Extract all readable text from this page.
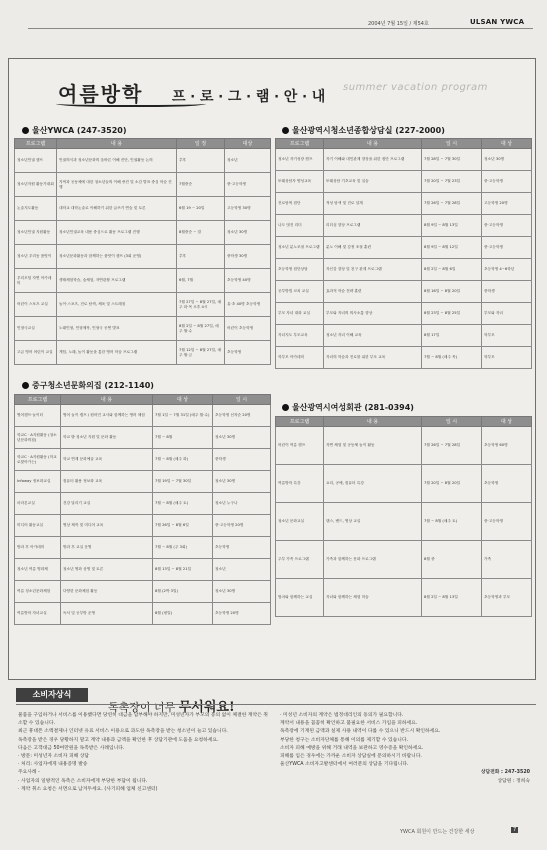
2004년 7월 15일 / 제54호	ULSAN YWCA
여름방학 프·로·그·램·안·내
summer vacation program
울산YWCA (247-3520)
프로그램	내 용	일 정	대상
청소년인권 캠프	인권의식과 청소년문화의 올바른 이해 진단, 인권활동 논의	추후	청소년
청소년자원 활동가대회	지역과 공동체에 대한 청소년들의 이해 증진 및 소감 발표 중심 학습 진행	7월중순	중·고등학생
논술지도활동	대학교 대학논술로 이해하기 위한 글쓰기 연습 및 토론	6월 19 ~ 20일	고등학생 30명
청소년인권 지원활동	청소년인권교육 내용 중심으로 활동 프로그램 진행	8월중순 ~ 말	청소년 30명
청소년 우리동 품앗이	청소년문화활동과 함께하는 품앗이 캠프 (3회 운영)	추후	중학생 30명
우리모임 자연 아카데미	생태체험학습, 숲체험, 자연관찰 프로그램	6월, 7월	초등학생 40명
어린이 스포츠 교실	놀이·스포츠, 진로 탐색, 체육 및 스트레칭	7월 27일 ~ 8월 27일, 매주 화·목 오후 4시	유·초 40명 초등학생
인형극교실	노래인형, 인형제작, 인형극 공연 발표	8월 2일 ~ 8월 27일, 매주 월·수	어린이 초등학생
고급 영어 어린이 교실	게임, 노래, 놀이 활동을 통한 영어 학습 프로그램	7월 12일 ~ 8월 27일, 매주 월·금	초등학생
중구청소년문화의집 (212-1140)
프로그램	내 용	대 상	일 시
영어캠프·놀이터	영어 놀이 캠프 / 원어민 교사와 함께하는 영어 체험	7월 1일 ~ 7월 31일 (매주 월·수)	초등학생 선착순 20명
학교C · A지원활동 (청소년문화의집)	학교 밖 청소년 지원 및 문화 활동	7월 ~ 8월	청소년 30명
학교C · A지원활동 (학교로찾아가는)	학교 연계 문화예술 교육	7월 ~ 8월 (매주 화)	중학생
Infoway 정보화교실	컴퓨터 활용 정보화 교육	7월 19일 ~ 7월 30일	청소년 30명
마라톤교실	건강 달리기 교실	7월 ~ 8월 (매주 토)	청소년 누구나
미디어 활동교실	영상 제작 및 미디어 교육	7월 26일 ~ 8월 6일	중·고등학생 20명
방과 후 아카데미	방과 후 교실 운영	7월 ~ 8월 (주 3회)	초등학생
청소년 여름 영화제	청소년 영화 상영 및 토론	8월 13일 ~ 8월 21일	청소년
여름 청소년문화체험	다양한 문화체험 활동	8월 (2박 3일)	청소년 30명
여름방학 자녀교실	독서 및 공부방 운영	8월 (평일)	초등학생 20명
울산광역시청소년종합상담실 (227-2000)
프로그램	내 용	일 시	대 상
청소년 자기성장 캠프	자기 이해와 대인관계 향상을 위한 집단 프로그램	7월 28일 ~ 7월 30일	청소년 30명
또래상담자 양성교육	또래상담 기초교육 및 실습	7월 20일 ~ 7월 23일	중·고등학생
진로탐색 집단	적성 탐색 및 진로 설계	7월 26일 ~ 7월 28일	고등학생 20명
나도 멋진 리더	리더십 향상 프로그램	8월 9일 ~ 8월 13일	중·고등학생
청소년 분노조절 프로그램	분노 이해 및 감정 조절 훈련	8월 9일 ~ 8월 12일	중·고등학생
초등학생 집단상담	자신감 향상 및 친구 관계 프로그램	8월 2일 ~ 8월 6일	초등학생 4~6학년
공부방법 코치 교실	효과적 학습 전략 훈련	8월 16일 ~ 8월 20일	중학생
부모 자녀 대화 교실	부모와 자녀의 의사소통 향상	8월 23일 ~ 8월 25일	부모와 자녀
자녀지도 부모교육	청소년 자녀 이해 교육	8월 17일	학부모
학부모 아카데미	자녀의 학습과 진로를 위한 부모 교육	7월 ~ 8월 (매주 목)	학부모
울산광역시여성회관 (281-0394)
프로그램	내 용	일 시	대 상
어린이 여름 캠프	자연 체험 및 공동체 놀이 활동	7월 26일 ~ 7월 28일	초등학생 60명
여름방학 특강	요리, 공예, 컴퓨터 특강	7월 20일 ~ 8월 20일	초등학생
청소년 문화교실	댄스, 밴드, 영상 교실	7월 ~ 8월 (매주 토)	중·고등학생
주부 가족 프로그램	가족과 함께하는 문화 프로그램	8월 중	가족
엄마와 함께하는 교실	자녀와 함께하는 체험 학습	8월 2일 ~ 8월 13일	초등학생과 부모
소비자상식
독촉장이 너무 무서워요!
물품을 구입하거나 서비스를 이용했다면 당연히 대금을 납부해야 하지만, 미성년자가 부모의 동의 없이 체결한 계약은 취소할 수 있습니다.
최근 휴대폰 소액결제나 인터넷 유료 서비스 이용으로 과도한 독촉장을 받는 청소년이 늘고 있습니다.
독촉장을 받은 경우 당황하지 말고 계약 내용과 금액을 확인한 후 상담기관에 도움을 요청하세요.
다음은 고객대금 50여만원을 독촉받은 사례입니다.
· 방문: 미성년자 소비자 피해 상담
· 처리: 사업자에게 내용증명 발송
주요사례 -
· 사업자의 일방적인 독촉은 소비자에게 부당한 부담이 됩니다.
· 계약 취소 요청은 서면으로 남겨두세요. (사기피해 업체 신고센터)
· 미성년 소비자의 계약은 법정대리인의 동의가 필요합니다.
계약서 내용을 꼼꼼히 확인하고 불필요한 서비스 가입을 피하세요.
독촉장에 기재된 금액과 실제 사용 내역이 다를 수 있으니 반드시 확인하세요.
부당한 청구는 소비자단체를 통해 이의를 제기할 수 있습니다.
소비자 피해 예방을 위해 거래 내역을 보관하고 영수증을 확인하세요.
피해를 입은 경우에는 가까운 소비자 상담실에 문의하시기 바랍니다.
울산YWCA 소비자고발센터에서 여러분의 상담을 기다립니다.
상담전화 : 247-3520
상담원 : 정희숙
YWCA 회원이 만드는 건강한 세상	7
